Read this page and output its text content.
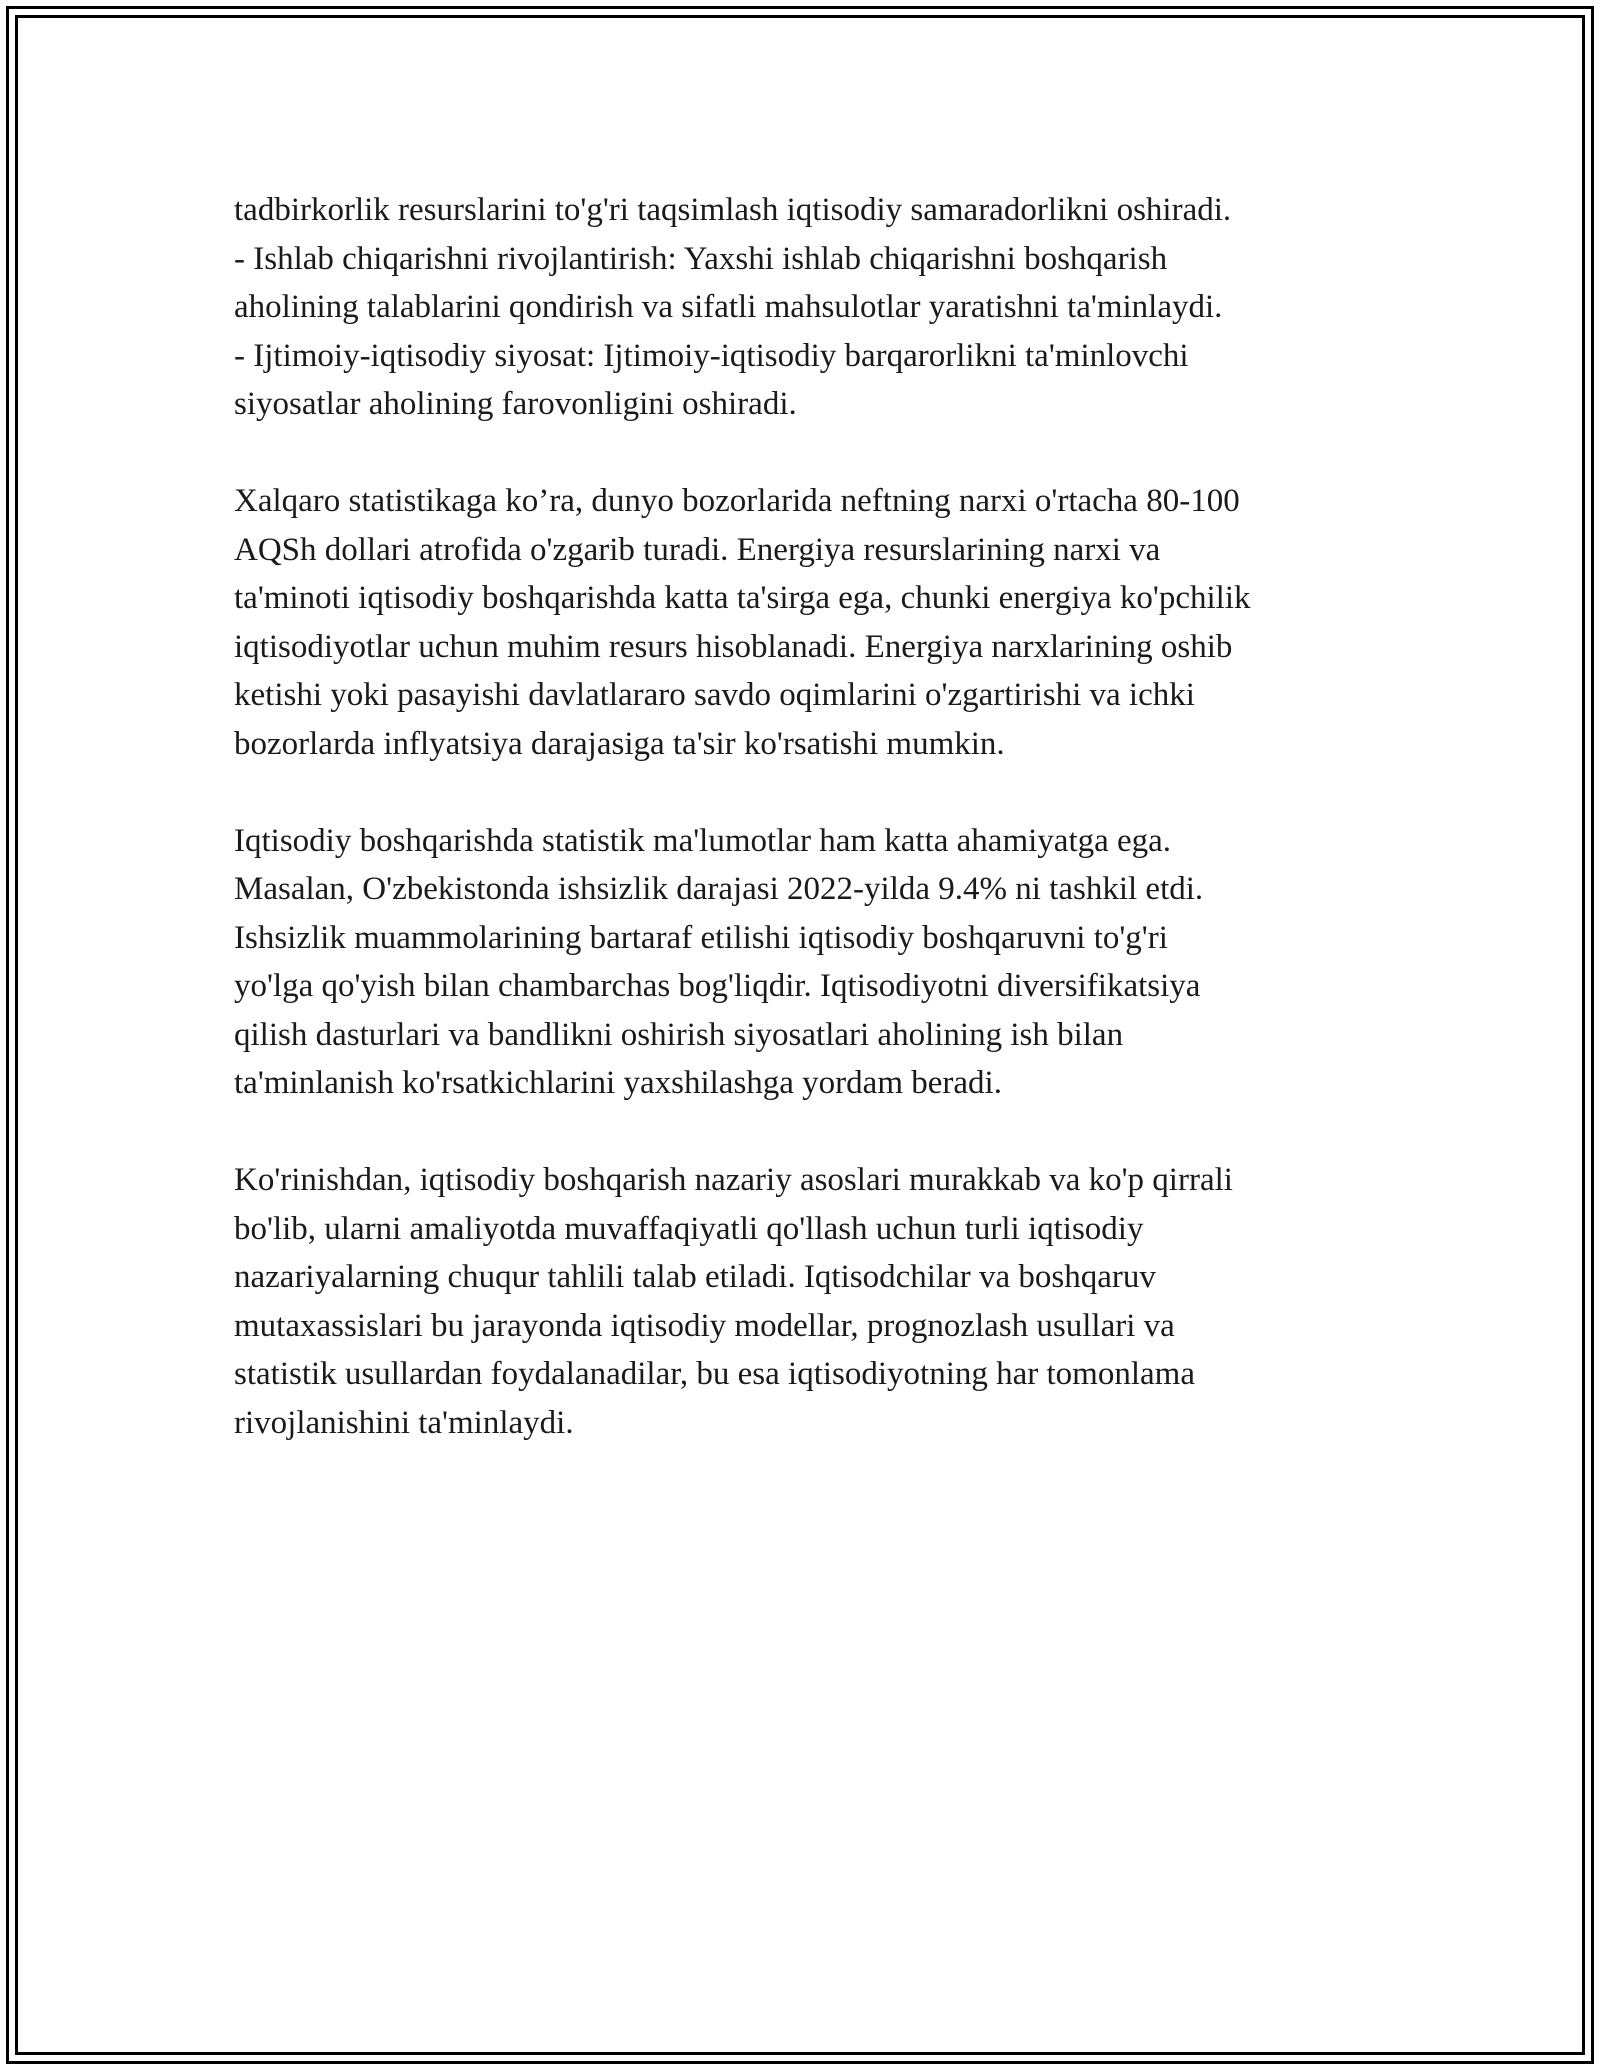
tadbirkorlik resurslarini to'g'ri taqsimlash iqtisodiy samaradorlikni oshiradi.
- Ishlab chiqarishni rivojlantirish: Yaxshi ishlab chiqarishni boshqarish
aholining talablarini qondirish va sifatli mahsulotlar yaratishni ta'minlaydi.
- Ijtimoiy-iqtisodiy siyosat: Ijtimoiy-iqtisodiy barqarorlikni ta'minlovchi
siyosatlar aholining farovonligini oshiradi.

Xalqaro statistikaga ko’ra, dunyo bozorlarida neftning narxi o'rtacha 80-100
AQSh dollari atrofida o'zgarib turadi. Energiya resurslarining narxi va
ta'minoti iqtisodiy boshqarishda katta ta'sirga ega, chunki energiya ko'pchilik
iqtisodiyotlar uchun muhim resurs hisoblanadi. Energiya narxlarining oshib
ketishi yoki pasayishi davlatlararo savdo oqimlarini o'zgartirishi va ichki
bozorlarda inflyatsiya darajasiga ta'sir ko'rsatishi mumkin.

Iqtisodiy boshqarishda statistik ma'lumotlar ham katta ahamiyatga ega.
Masalan, O'zbekistonda ishsizlik darajasi 2022-yilda 9.4% ni tashkil etdi.
Ishsizlik muammolarining bartaraf etilishi iqtisodiy boshqaruvni to'g'ri
yo'lga qo'yish bilan chambarchas bog'liqdir. Iqtisodiyotni diversifikatsiya
qilish dasturlari va bandlikni oshirish siyosatlari aholining ish bilan
ta'minlanish ko'rsatkichlarini yaxshilashga yordam beradi.

Ko'rinishdan, iqtisodiy boshqarish nazariy asoslari murakkab va ko'p qirrali
bo'lib, ularni amaliyotda muvaffaqiyatli qo'llash uchun turli iqtisodiy
nazariyalarning chuqur tahlili talab etiladi. Iqtisodchilar va boshqaruv
mutaxassislari bu jarayonda iqtisodiy modellar, prognozlash usullari va
statistik usullardan foydalanadilar, bu esa iqtisodiyotning har tomonlama
rivojlanishini ta'minlaydi.
